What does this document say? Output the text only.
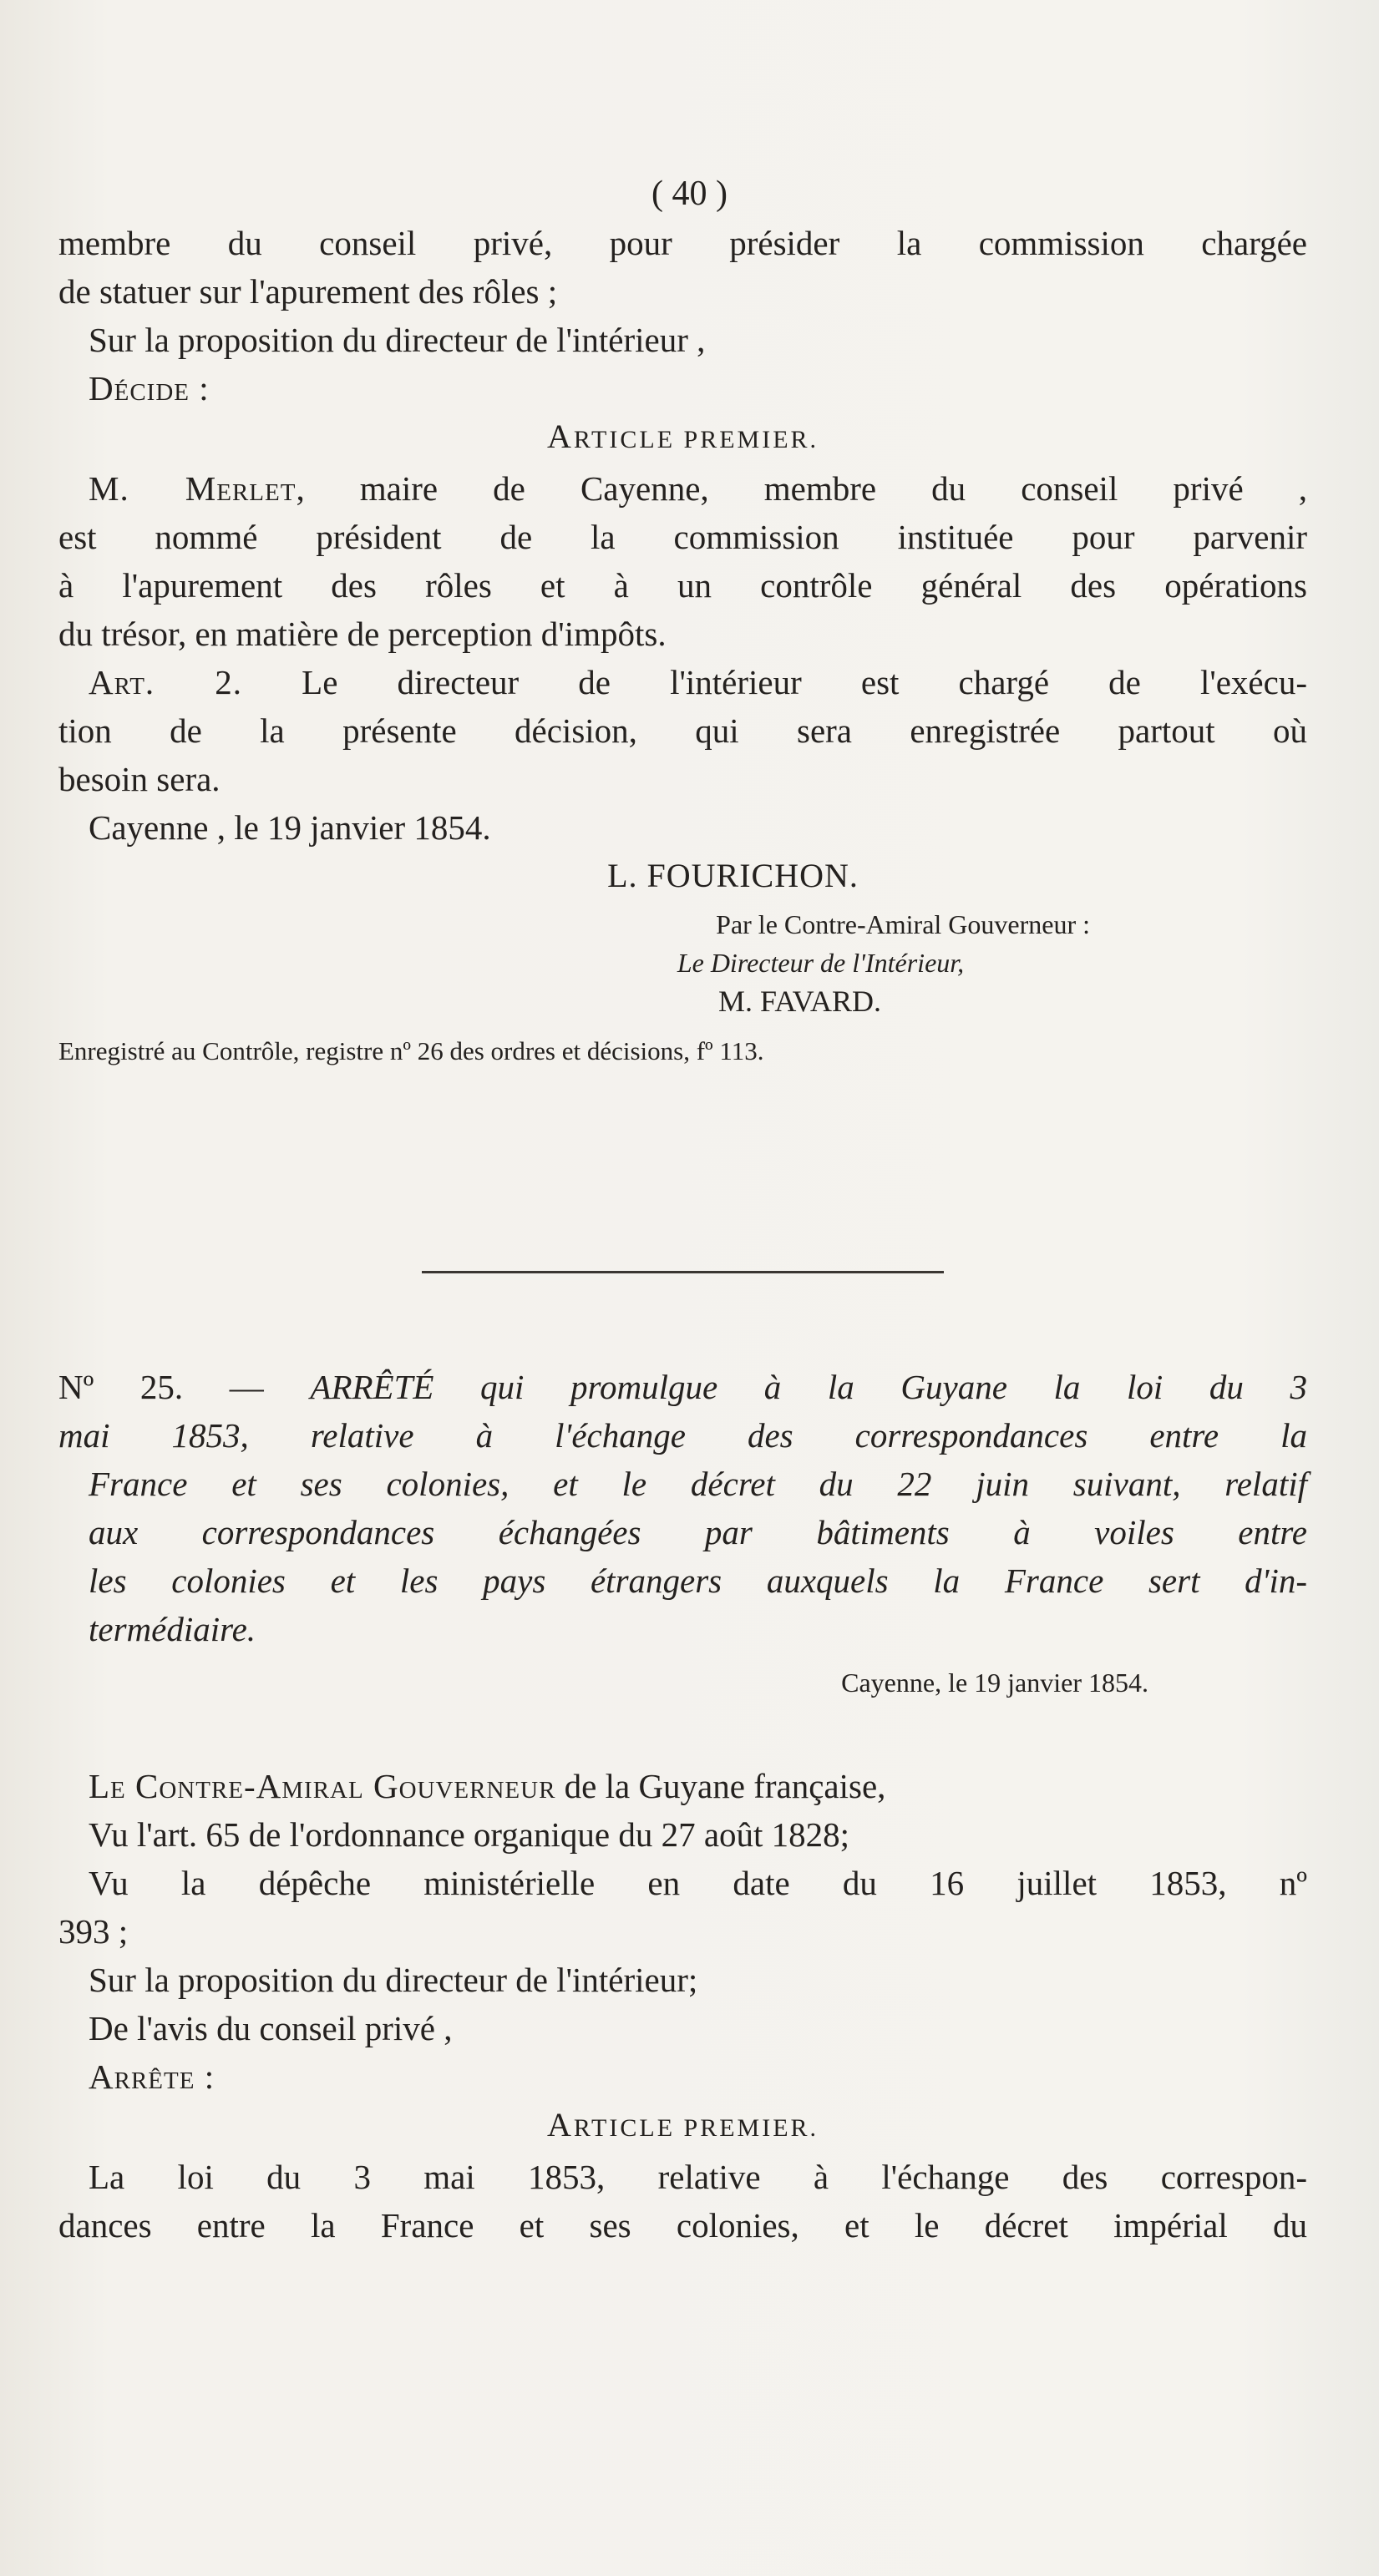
( 40 )

membre du conseil privé, pour présider la commission chargée

de statuer sur l'apurement des rôles ;

Sur la proposition du directeur de l'intérieur ,

Décide :

ARTICLE PREMIER.

M. Merlet, maire de Cayenne, membre du conseil privé ,

est nommé président de la commission instituée pour parvenir

à l'apurement des rôles et à un contrôle général des opérations

du trésor, en matière de perception d'impôts.

Art. 2. Le directeur de l'intérieur est chargé de l'exécu-

tion de la présente décision, qui sera enregistrée partout où

besoin sera.

Cayenne , le 19 janvier 1854.

L. FOURICHON.

Par le Contre-Amiral Gouverneur :

Le Directeur de l'Intérieur,

M. FAVARD.

Enregistré au Contrôle, registre nº 26 des ordres et décisions, fº 113.

Nº 25. — ARRÊTÉ qui promulgue à la Guyane la loi du 3

mai 1853, relative à l'échange des correspondances entre la

France et ses colonies, et le décret du 22 juin suivant, relatif

aux correspondances échangées par bâtiments à voiles entre

les colonies et les pays étrangers auxquels la France sert d'in-

termédiaire.

Cayenne, le 19 janvier 1854.

Le Contre-Amiral Gouverneur de la Guyane française,

Vu l'art. 65 de l'ordonnance organique du 27 août 1828;

Vu la dépêche ministérielle en date du 16 juillet 1853, nº

393 ;

Sur la proposition du directeur de l'intérieur;

De l'avis du conseil privé ,

Arrête :

ARTICLE PREMIER.

La loi du 3 mai 1853, relative à l'échange des correspon-

dances entre la France et ses colonies, et le décret impérial du
